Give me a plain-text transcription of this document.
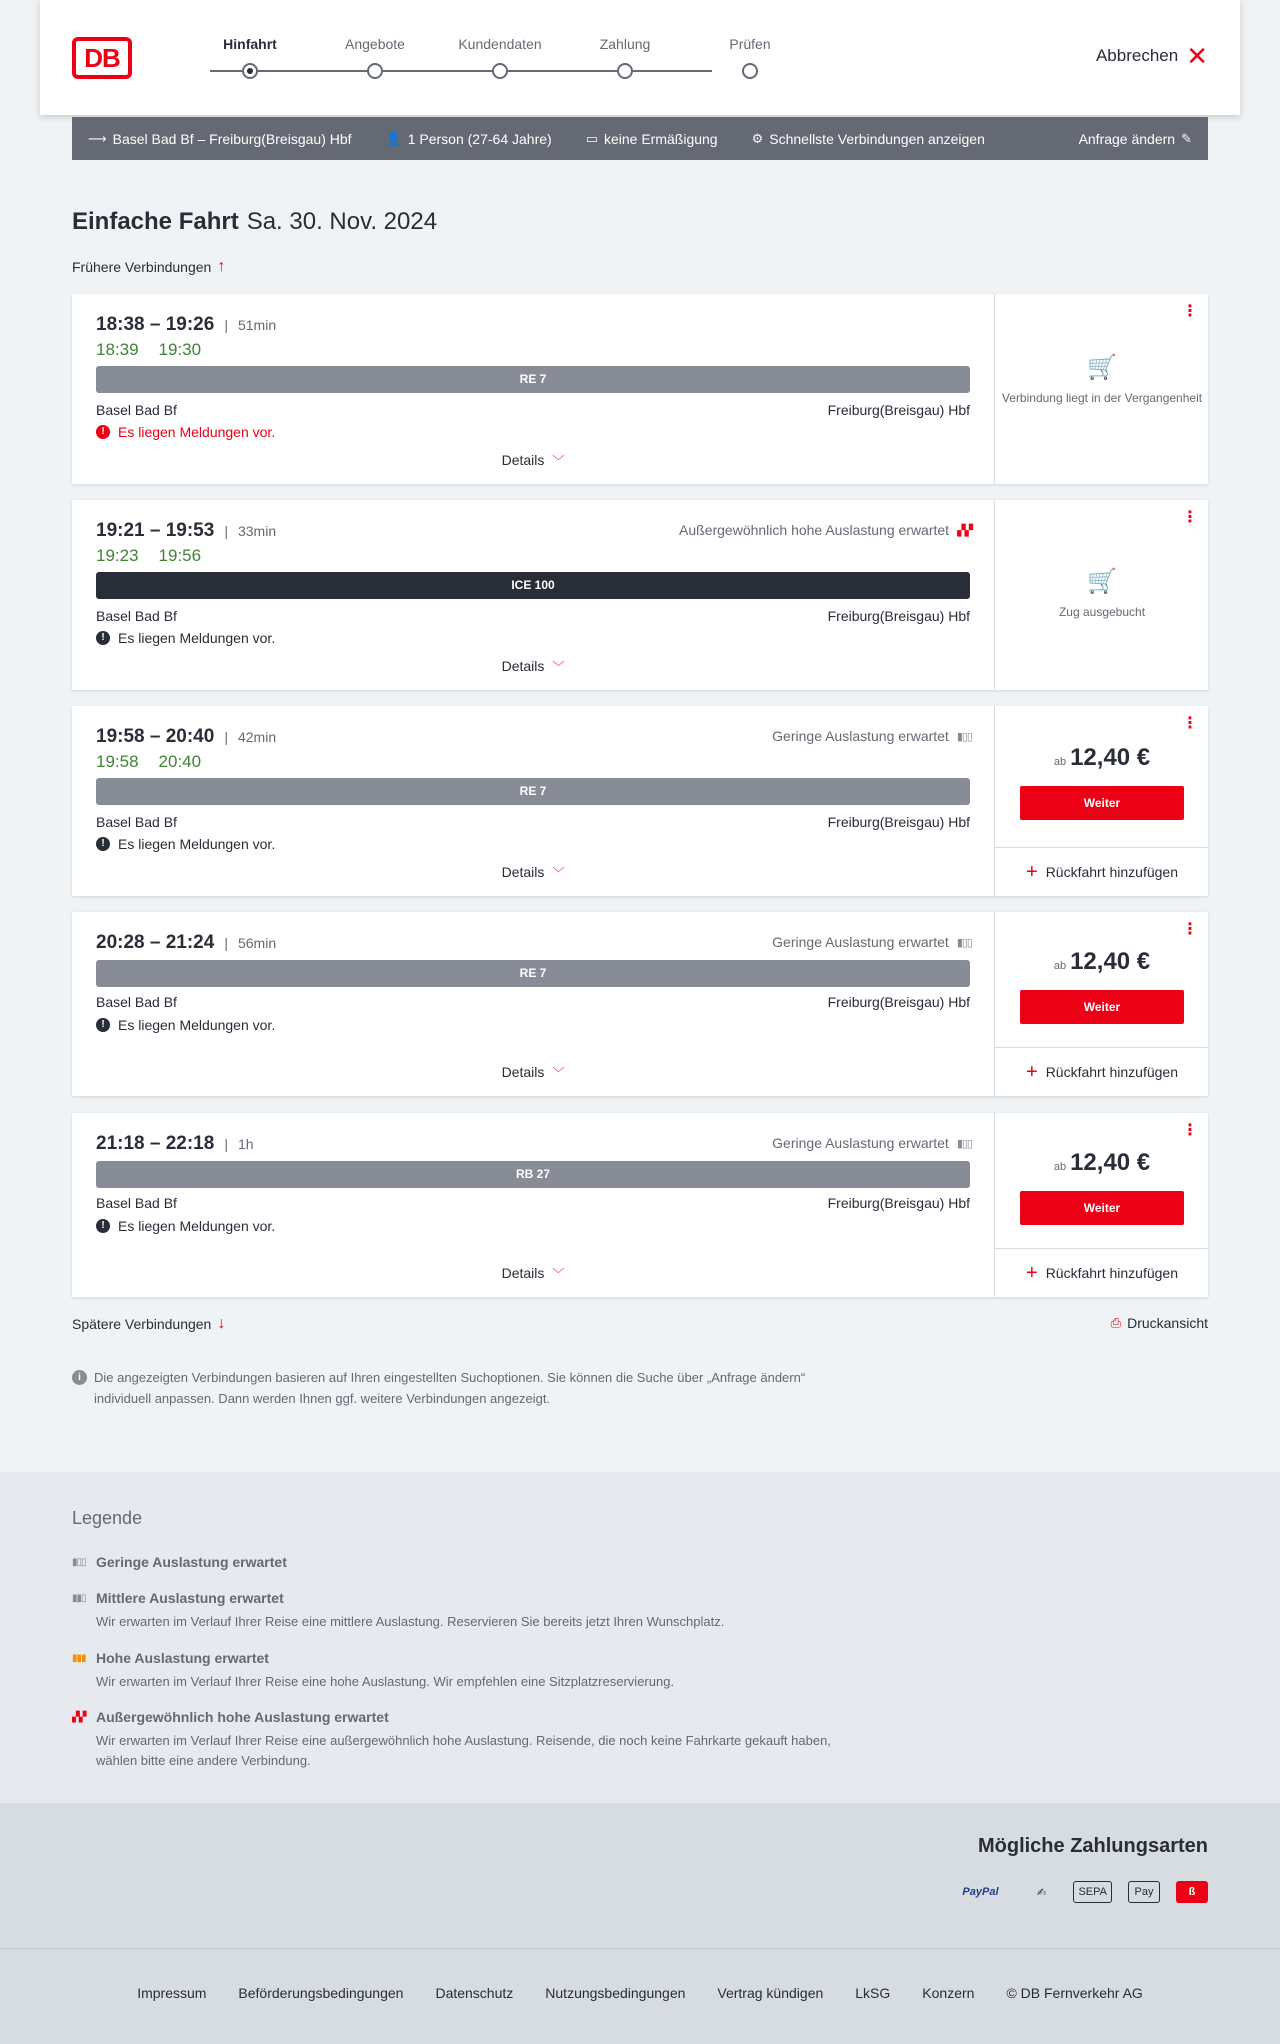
DB	Hinfahrt	Angebote	Kundendaten	Zahlung	Prüfen
Abbrechen ✕
⟶ Basel Bad Bf – Freiburg(Breisgau) Hbf	👤 1 Person (27-64 Jahre)	▭ keine Ermäßigung	⚙ Schnellste Verbindungen anzeigen	Anfrage ändern ✎
Einfache Fahrt Sa. 30. Nov. 2024
Frühere Verbindungen ↑
18:38 – 19:26 | 51min
18:39 19:30
RE 7
Basel Bad Bf	Freiburg(Breisgau) Hbf
! Es liegen Meldungen vor.
Details ﹀
⋮
🛒
Verbindung liegt in der Vergangenheit
19:21 – 19:53 | 33min	Außergewöhnlich hohe Auslastung erwartet ▞▞
19:23 19:56
ICE 100
Basel Bad Bf	Freiburg(Breisgau) Hbf
! Es liegen Meldungen vor.
Details ﹀
⋮
🛒
Zug ausgebucht
19:58 – 20:40 | 42min	Geringe Auslastung erwartet ▮▯▯
19:58 20:40
RE 7
Basel Bad Bf	Freiburg(Breisgau) Hbf
! Es liegen Meldungen vor.
Details ﹀
⋮
ab 12,40 €
Weiter
+ Rückfahrt hinzufügen
20:28 – 21:24 | 56min	Geringe Auslastung erwartet ▮▯▯
RE 7
Basel Bad Bf	Freiburg(Breisgau) Hbf
! Es liegen Meldungen vor.
Details ﹀
⋮
ab 12,40 €
Weiter
+ Rückfahrt hinzufügen
21:18 – 22:18 | 1h	Geringe Auslastung erwartet ▮▯▯
RB 27
Basel Bad Bf	Freiburg(Breisgau) Hbf
! Es liegen Meldungen vor.
Details ﹀
⋮
ab 12,40 €
Weiter
+ Rückfahrt hinzufügen
Spätere Verbindungen ↓	⎙ Druckansicht
i	Die angezeigten Verbindungen basieren auf Ihren eingestellten Suchoptionen. Sie können die Suche über „Anfrage ändern“ individuell anpassen. Dann werden Ihnen ggf. weitere Verbindungen angezeigt.
Legende
▮▯▯ Geringe Auslastung erwartet
▮▮▯ Mittlere Auslastung erwartet
Wir erwarten im Verlauf Ihrer Reise eine mittlere Auslastung. Reservieren Sie bereits jetzt Ihren Wunschplatz.
▮▮▮ Hohe Auslastung erwartet
Wir erwarten im Verlauf Ihrer Reise eine hohe Auslastung. Wir empfehlen eine Sitzplatzreservierung.
▞▞ Außergewöhnlich hohe Auslastung erwartet
Wir erwarten im Verlauf Ihrer Reise eine außergewöhnlich hohe Auslastung. Reisende, die noch keine Fahrkarte gekauft haben, wählen bitte eine andere Verbindung.
Mögliche Zahlungsarten
PayPal	✍	SEPA	Pay	ß
Impressum Beförderungsbedingungen Datenschutz Nutzungsbedingungen Vertrag kündigen LkSG Konzern © DB Fernverkehr AG
